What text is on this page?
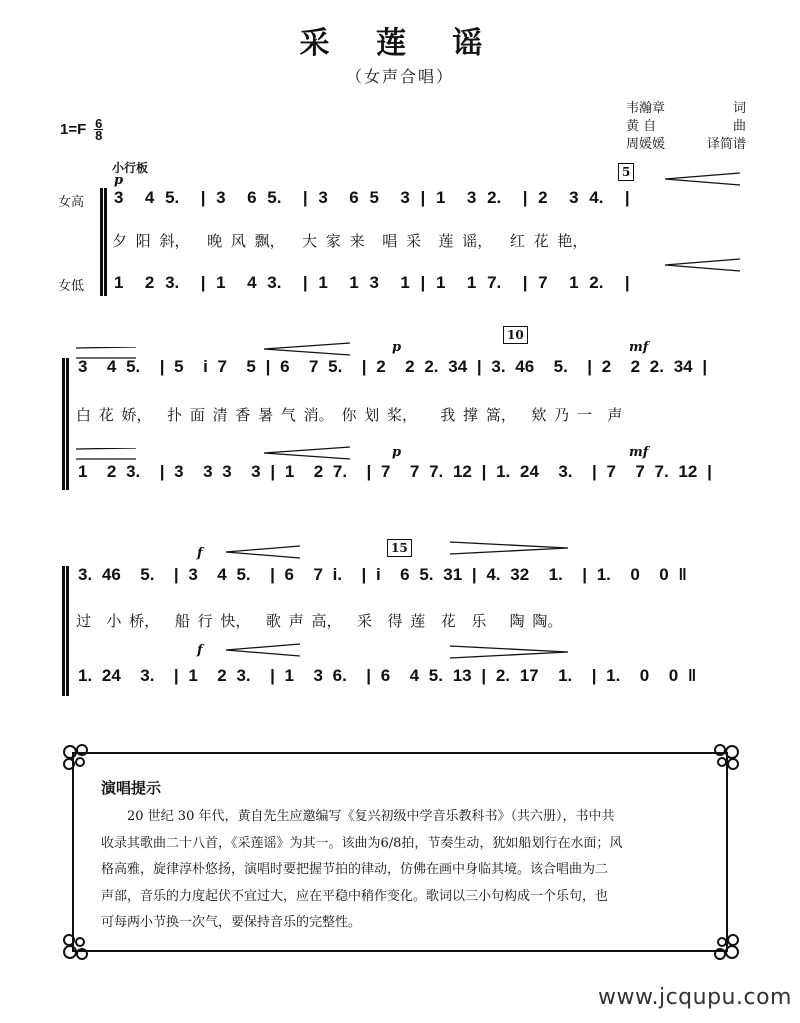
采 莲 谣
（女声合唱）
韦瀚章	词
黄 自	曲
周媛媛	译简谱
$1=F \frac{6}{8}$
小行板
p
5
女高
女低
3  4 5.  | 3  6 5.  | 3  6 5  3 | 1  3 2.  | 2  3 4.  |
夕 阳 斜，  晚 风 飘，  大 家 来  唱 采  莲 谣，  红 花 艳，
1  2 3.  | 1  4 3.  | 1  1 3  1 | 1  1 7.  | 7  1 2.  |
p
10
mf
3  4 5.  | 5  i 7  5 | 6  7 5.  | 2  2 2. 34 | 3. 46  5.  | 2  2 2. 34 |
白 花 娇，  扑 面 清 香 暑 气 消。 你 划 桨，   我 撑 篙，  欸 乃 一  声
p	mf
1  2 3.  | 3  3 3  3 | 1  2 7.  | 7  7 7. 12 | 1. 24  3.  | 7  7 7. 12 |
f	15
3. 46  5.  | 3  4 5.  | 6  7 i.  | i  6 5. 31 | 4. 32  1.  | 1.  0  0 ‖
过  小 桥，  船 行 快，  歌 声 高，  采  得 莲  花  乐   陶 陶。
f
1. 24  3.  | 1  2 3.  | 1  3 6.  | 6  4 5. 13 | 2. 17  1.  | 1.  0  0 ‖
演唱提示
20 世纪 30 年代，黄自先生应邀编写《复兴初级中学音乐教科书》（共六册），书中共
收录其歌曲二十八首，《采莲谣》为其一。该曲为6/8拍，节奏生动，犹如船划行在水面；风
格高雅，旋律淳朴悠扬，演唱时要把握节拍的律动，仿佛在画中身临其境。该合唱曲为二
声部，音乐的力度起伏不宜过大，应在平稳中稍作变化。歌词以三小句构成一个乐句，也
可每两小节换一次气，要保持音乐的完整性。
www.jcqupu.com
